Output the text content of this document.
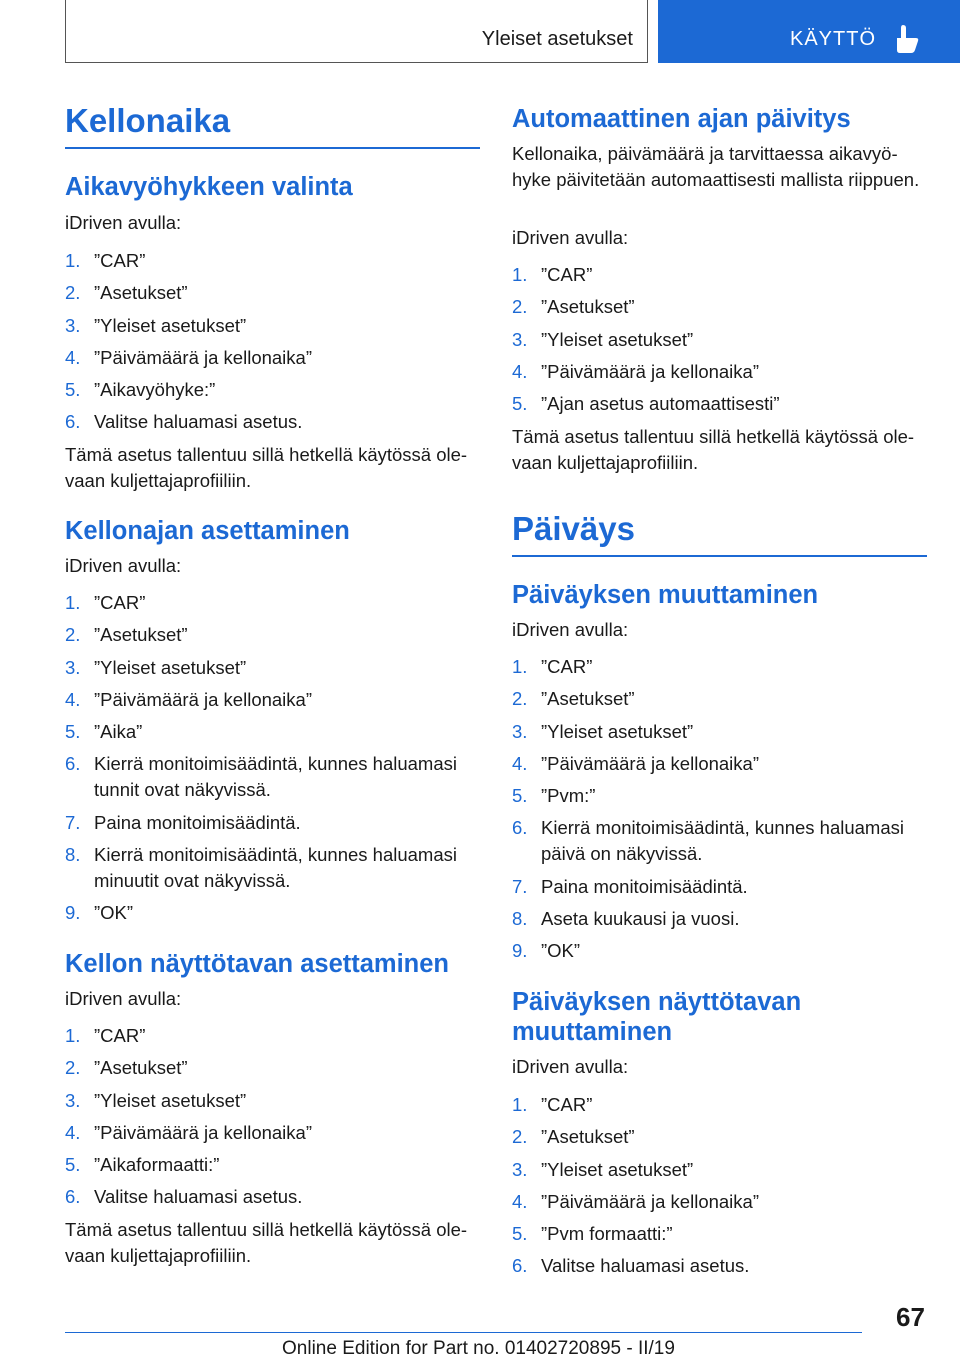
Yleiset asetukset	KÄYTTÖ
Kellonaika
Aikavyöhykkeen valinta
iDriven avulla:
1. ”CAR”
2. ”Asetukset”
3. ”Yleiset asetukset”
4. ”Päivämäärä ja kellonaika”
5. ”Aikavyöhyke:”
6. Valitse haluamasi asetus.
Tämä asetus tallentuu sillä hetkellä käytössä olevaan kuljettajaprofiiliin.
Kellonajan asettaminen
iDriven avulla:
1. ”CAR”
2. ”Asetukset”
3. ”Yleiset asetukset”
4. ”Päivämäärä ja kellonaika”
5. ”Aika”
6. Kierrä monitoimisäädintä, kunnes haluamasi tunnit ovat näkyvissä.
7. Paina monitoimisäädintä.
8. Kierrä monitoimisäädintä, kunnes haluamasi minuutit ovat näkyvissä.
9. ”OK”
Kellon näyttötavan asettaminen
iDriven avulla:
1. ”CAR”
2. ”Asetukset”
3. ”Yleiset asetukset”
4. ”Päivämäärä ja kellonaika”
5. ”Aikaformaatti:”
6. Valitse haluamasi asetus.
Tämä asetus tallentuu sillä hetkellä käytössä olevaan kuljettajaprofiiliin.
Automaattinen ajan päivitys
Kellonaika, päivämäärä ja tarvittaessa aikavyöhyke päivitetään automaattisesti mallista riippuen.
iDriven avulla:
1. ”CAR”
2. ”Asetukset”
3. ”Yleiset asetukset”
4. ”Päivämäärä ja kellonaika”
5. ”Ajan asetus automaattisesti”
Tämä asetus tallentuu sillä hetkellä käytössä olevaan kuljettajaprofiiliin.
Päiväys
Päiväyksen muuttaminen
iDriven avulla:
1. ”CAR”
2. ”Asetukset”
3. ”Yleiset asetukset”
4. ”Päivämäärä ja kellonaika”
5. ”Pvm:”
6. Kierrä monitoimisäädintä, kunnes haluamasi päivä on näkyvissä.
7. Paina monitoimisäädintä.
8. Aseta kuukausi ja vuosi.
9. ”OK”
Päiväyksen näyttötavan muuttaminen
iDriven avulla:
1. ”CAR”
2. ”Asetukset”
3. ”Yleiset asetukset”
4. ”Päivämäärä ja kellonaika”
5. ”Pvm formaatti:”
6. Valitse haluamasi asetus.
67
Online Edition for Part no. 01402720895 - II/19
